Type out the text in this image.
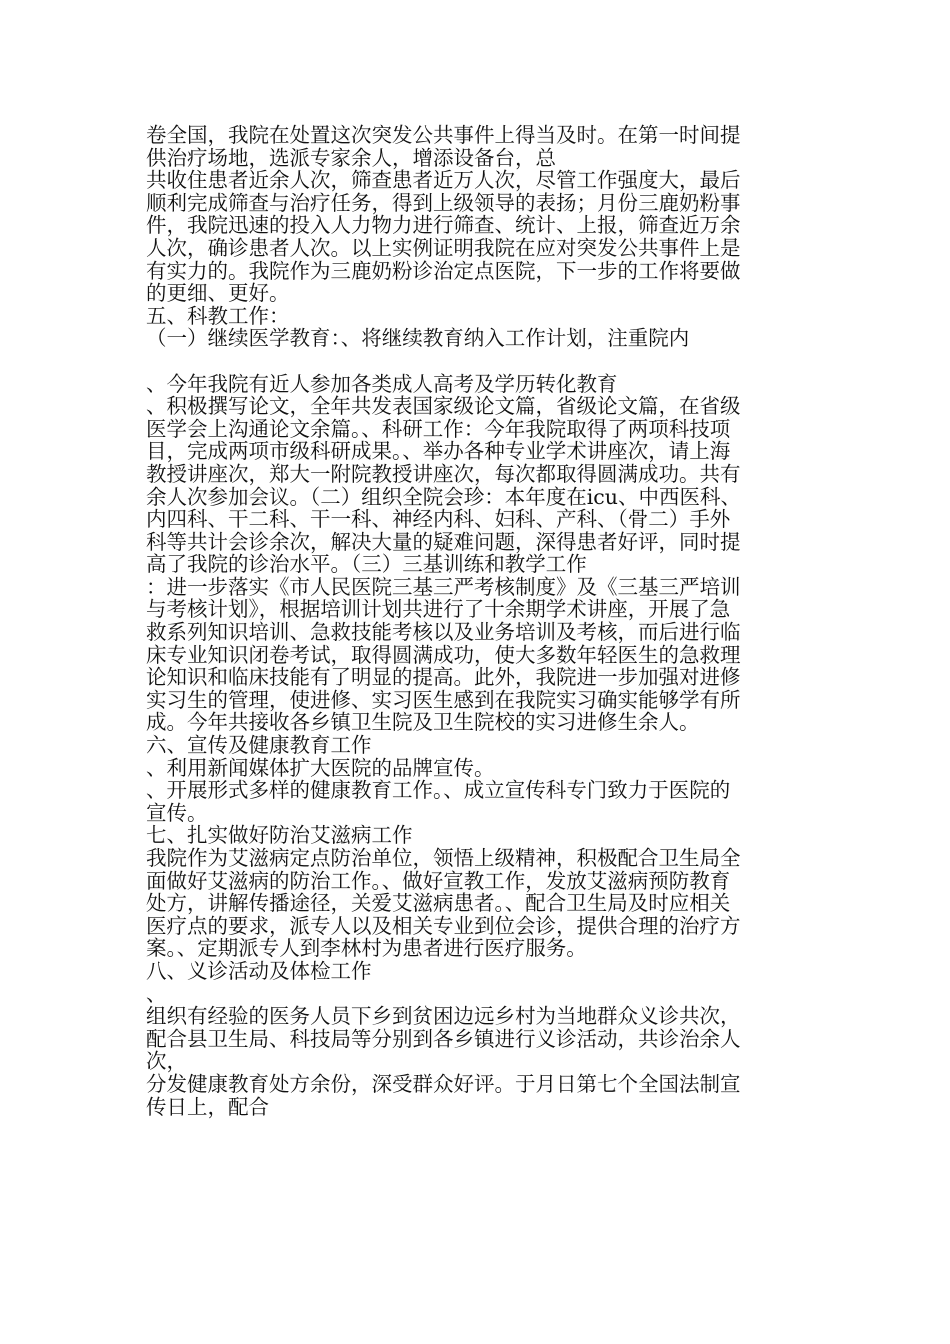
卷全国，我院在处置这次突发公共事件上得当及时。在第一时间提
供治疗场地，选派专家余人，增添设备台，总
共收住患者近余人次，筛查患者近万人次，尽管工作强度大，最后
顺利完成筛查与治疗任务，得到上级领导的表扬；月份三鹿奶粉事
件，我院迅速的投入人力物力进行筛查、统计、上报，筛查近万余
人次，确诊患者人次。以上实例证明我院在应对突发公共事件上是
有实力的。我院作为三鹿奶粉诊治定点医院，下一步的工作将要做
的更细、更好。
五、科教工作：
（一）继续医学教育：、将继续教育纳入工作计划，注重院内
、今年我院有近人参加各类成人高考及学历转化教育
、积极撰写论文，全年共发表国家级论文篇，省级论文篇，在省级
医学会上沟通论文余篇。、科研工作：今年我院取得了两项科技项
目，完成两项市级科研成果。、举办各种专业学术讲座次，请上海
教授讲座次，郑大一附院教授讲座次，每次都取得圆满成功。共有
余人次参加会议。（二）组织全院会珍：本年度在icu、中西医科、
内四科、干二科、干一科、神经内科、妇科、产科、（骨二）手外
科等共计会诊余次，解决大量的疑难问题，深得患者好评，同时提
高了我院的诊治水平。（三）三基训练和教学工作
：进一步落实《市人民医院三基三严考核制度》及《三基三严培训
与考核计划》，根据培训计划共进行了十余期学术讲座，开展了急
救系列知识培训、急救技能考核以及业务培训及考核，而后进行临
床专业知识闭卷考试，取得圆满成功，使大多数年轻医生的急救理
论知识和临床技能有了明显的提高。此外，我院进一步加强对进修
实习生的管理，使进修、实习医生感到在我院实习确实能够学有所
成。今年共接收各乡镇卫生院及卫生院校的实习进修生余人。
六、宣传及健康教育工作
、利用新闻媒体扩大医院的品牌宣传。
、开展形式多样的健康教育工作。、成立宣传科专门致力于医院的
宣传。
七、扎实做好防治艾滋病工作
我院作为艾滋病定点防治单位，领悟上级精神，积极配合卫生局全
面做好艾滋病的防治工作。、做好宣教工作，发放艾滋病预防教育
处方，讲解传播途径，关爱艾滋病患者。、配合卫生局及时应相关
医疗点的要求，派专人以及相关专业到位会诊，提供合理的治疗方
案。、定期派专人到李林村为患者进行医疗服务。
八、义诊活动及体检工作
、
组织有经验的医务人员下乡到贫困边远乡村为当地群众义诊共次，
配合县卫生局、科技局等分别到各乡镇进行义诊活动，共诊治余人
次，
分发健康教育处方余份，深受群众好评。于月日第七个全国法制宣
传日上，配合
